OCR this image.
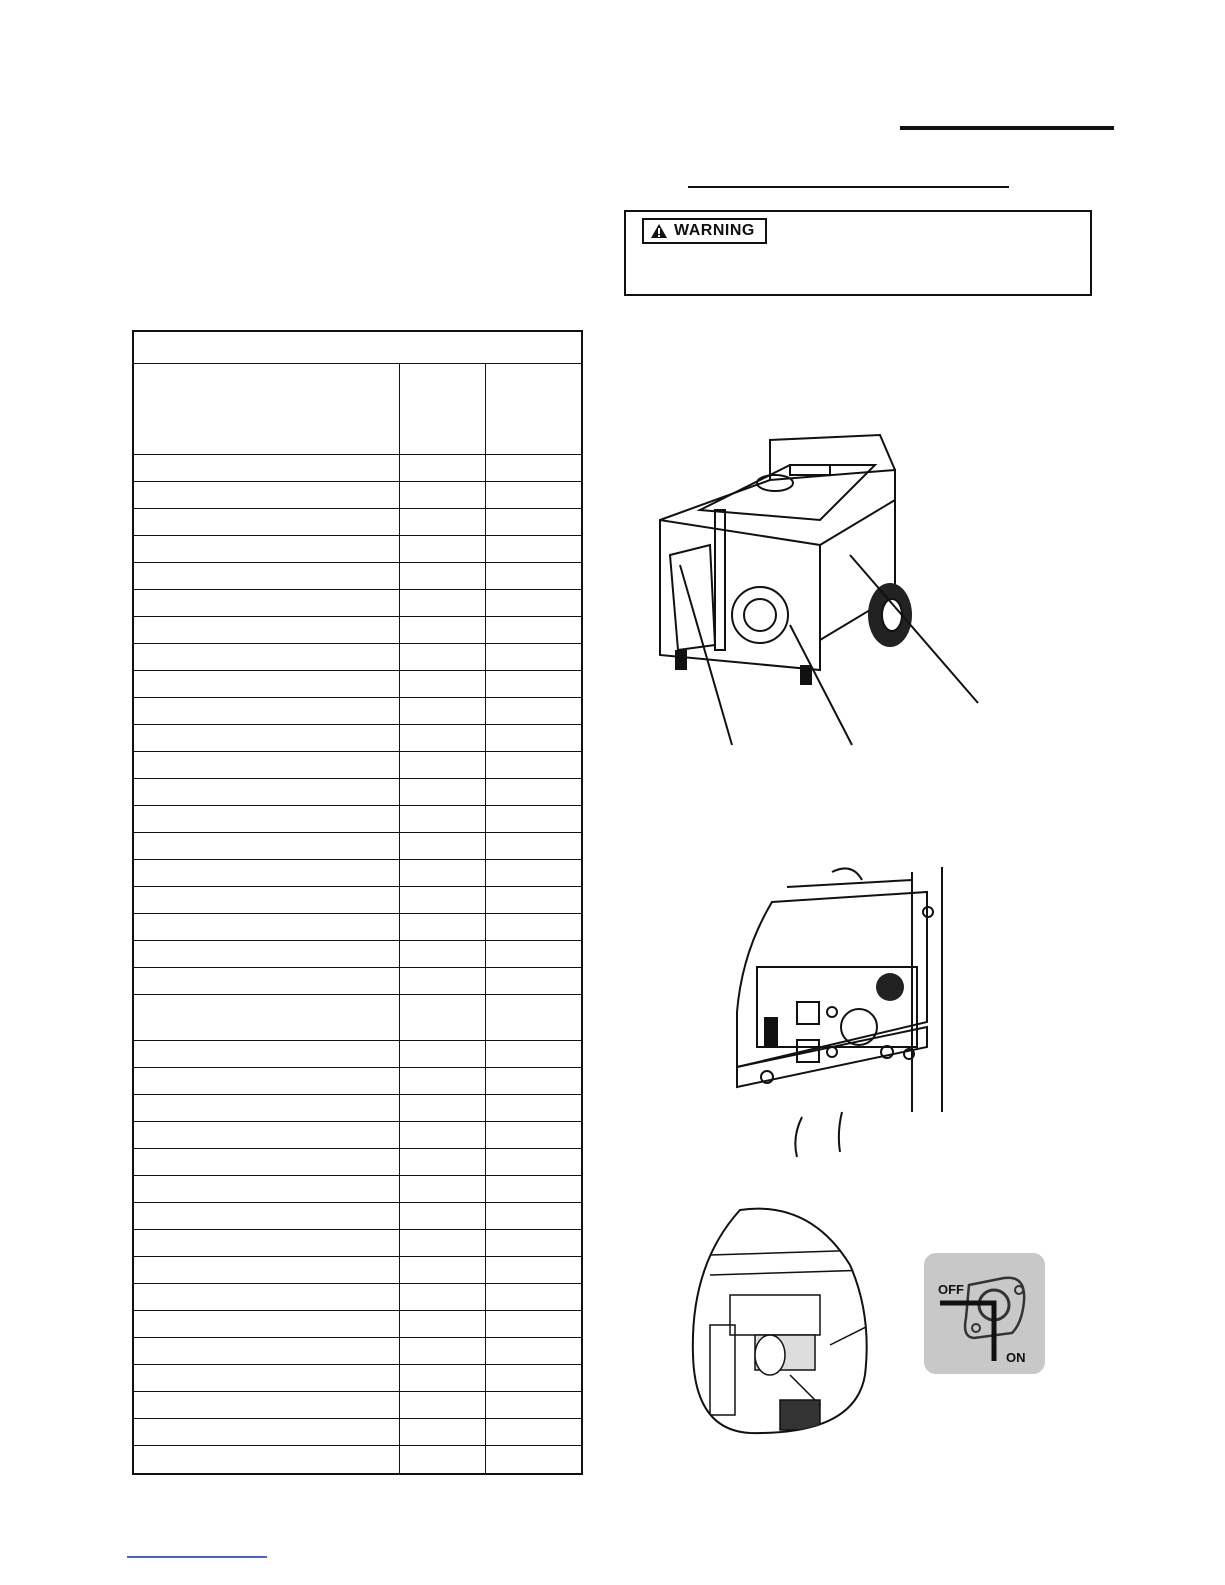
WARNING
OFF
ON
